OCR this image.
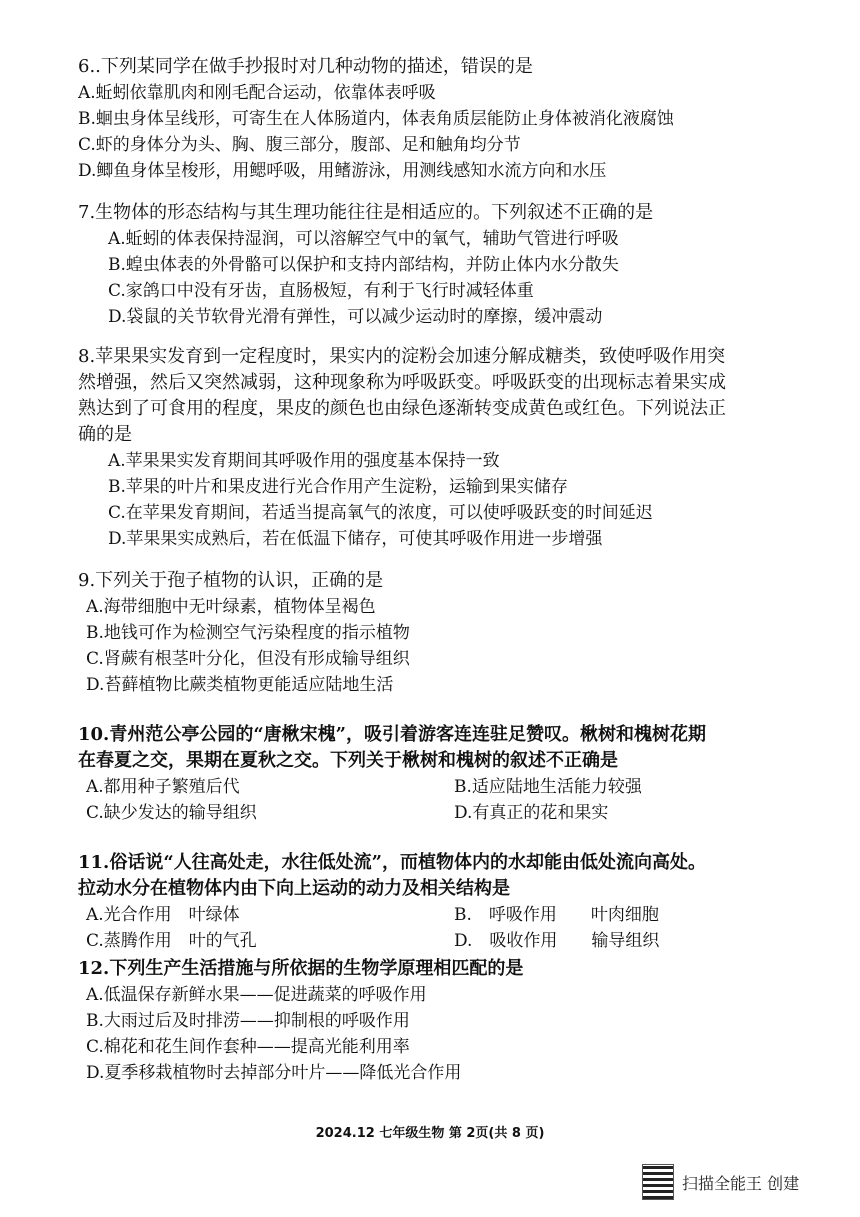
6..下列某同学在做手抄报时对几种动物的描述，错误的是

A.蚯蚓依靠肌肉和刚毛配合运动，依靠体表呼吸

B.蛔虫身体呈线形，可寄生在人体肠道内，体表角质层能防止身体被消化液腐蚀

C.虾的身体分为头、胸、腹三部分，腹部、足和触角均分节

D.鲫鱼身体呈梭形，用鳃呼吸，用鳍游泳，用测线感知水流方向和水压

7.生物体的形态结构与其生理功能往往是相适应的。下列叙述不正确的是

A.蚯蚓的体表保持湿润，可以溶解空气中的氧气，辅助气管进行呼吸

B.蝗虫体表的外骨骼可以保护和支持内部结构，并防止体内水分散失

C.家鸽口中没有牙齿，直肠极短，有利于飞行时减轻体重

D.袋鼠的关节软骨光滑有弹性，可以减少运动时的摩擦，缓冲震动

8.苹果果实发育到一定程度时，果实内的淀粉会加速分解成糖类，致使呼吸作用突

然增强，然后又突然减弱，这种现象称为呼吸跃变。呼吸跃变的出现标志着果实成

熟达到了可食用的程度，果皮的颜色也由绿色逐渐转变成黄色或红色。下列说法正

确的是

A.苹果果实发育期间其呼吸作用的强度基本保持一致

B.苹果的叶片和果皮进行光合作用产生淀粉，运输到果实储存

C.在苹果发育期间，若适当提高氧气的浓度，可以使呼吸跃变的时间延迟

D.苹果果实成熟后，若在低温下储存，可使其呼吸作用进一步增强

9.下列关于孢子植物的认识，正确的是

A.海带细胞中无叶绿素，植物体呈褐色

B.地钱可作为检测空气污染程度的指示植物

C.肾蕨有根茎叶分化，但没有形成输导组织

D.苔藓植物比蕨类植物更能适应陆地生活

10.青州范公亭公园的“唐楸宋槐”，吸引着游客连连驻足赞叹。楸树和槐树花期

在春夏之交，果期在夏秋之交。下列关于楸树和槐树的叙述不正确是

A.都用种子繁殖后代	B.适应陆地生活能力较强
C.缺少发达的输导组织	D.有真正的花和果实

11.俗话说“人往高处走，水往低处流”，而植物体内的水却能由低处流向高处。

拉动水分在植物体内由下向上运动的动力及相关结构是

A.光合作用　叶绿体	B.　呼吸作用　　叶肉细胞
C.蒸腾作用　叶的气孔	D.　吸收作用　　输导组织

12.下列生产生活措施与所依据的生物学原理相匹配的是

A.低温保存新鲜水果——促进蔬菜的呼吸作用

B.大雨过后及时排涝——抑制根的呼吸作用

C.棉花和花生间作套种——提高光能利用率

D.夏季移栽植物时去掉部分叶片——降低光合作用

2024.12 七年级生物 第 2页(共 8 页)
扫描全能王 创建
